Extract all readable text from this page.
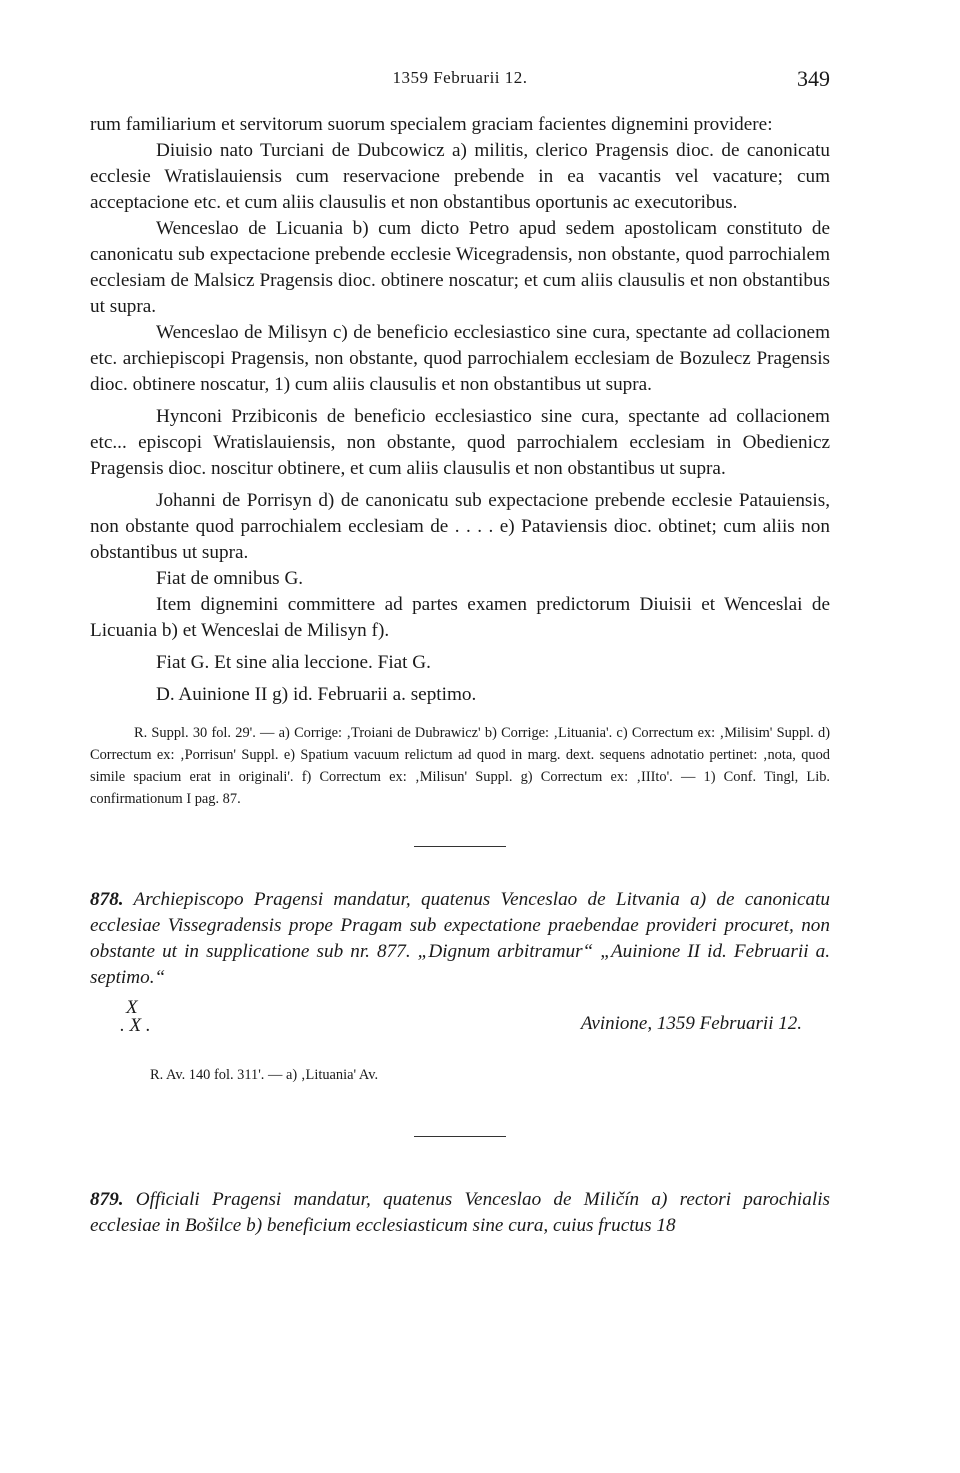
1359 Februarii 12.	349

rum familiarium et servitorum suorum specialem graciam facientes dignemini providere:

Diuisio nato Turciani de Dubcowicz a) militis, clerico Pragensis dioc. de canonicatu ecclesie Wratislauiensis cum reservacione prebende in ea vacantis vel vacature; cum acceptacione etc. et cum aliis clausulis et non obstantibus oportunis ac executoribus.

Wenceslao de Licuania b) cum dicto Petro apud sedem apostolicam constituto de canonicatu sub expectacione prebende ecclesie Wicegradensis, non obstante, quod parrochialem ecclesiam de Malsicz Pragensis dioc. obtinere noscatur; et cum aliis clausulis et non obstantibus ut supra.

Wenceslao de Milisyn c) de beneficio ecclesiastico sine cura, spectante ad collacionem etc. archiepiscopi Pragensis, non obstante, quod parrochialem ecclesiam de Bozulecz Pragensis dioc. obtinere noscatur, 1) cum aliis clausulis et non obstantibus ut supra.

Hynconi Przibiconis de beneficio ecclesiastico sine cura, spectante ad collacionem etc... episcopi Wratislauiensis, non obstante, quod parrochialem ecclesiam in Obedienicz Pragensis dioc. noscitur obtinere, et cum aliis clausulis et non obstantibus ut supra.

Johanni de Porrisyn d) de canonicatu sub expectacione prebende ecclesie Patauiensis, non obstante quod parrochialem ecclesiam de . . . . e) Pataviensis dioc. obtinet; cum aliis non obstantibus ut supra.

Fiat de omnibus G.

Item dignemini committere ad partes examen predictorum Diuisii et Wenceslai de Licuania b) et Wenceslai de Milisyn f).

Fiat G. Et sine alia leccione. Fiat G.

D. Auinione II g) id. Februarii a. septimo.

R. Suppl. 30 fol. 29'. — a) Corrige: ‚Troiani de Dubrawicz' b) Corrige: ‚Lituania'. c) Correctum ex: ‚Milisim' Suppl. d) Correctum ex: ‚Porrisun' Suppl. e) Spatium vacuum relictum ad quod in marg. dext. sequens adnotatio pertinet: ‚nota, quod simile spacium erat in originali'. f) Correctum ex: ‚Milisun' Suppl. g) Correctum ex: ‚IIIto'. — 1) Conf. Tingl, Lib. confirmationum I pag. 87.

878. Archiepiscopo Pragensi mandatur, quatenus Venceslao de Litvania a) de canonicatu ecclesiae Vissegradensis prope Pragam sub expectatione praebendae provideri procuret, non obstante ut in supplicatione sub nr. 877. „Dignum arbitramur“ „Auinione II id. Februarii a. septimo.“
X
. X .	Avinione, 1359 Februarii 12.
R. Av. 140 fol. 311'. — a) ‚Lituania' Av.
879. Officiali Pragensi mandatur, quatenus Venceslao de Miličín a) rectori parochialis ecclesiae in Bošilce b) beneficium ecclesiasticum sine cura, cuius fructus 18
